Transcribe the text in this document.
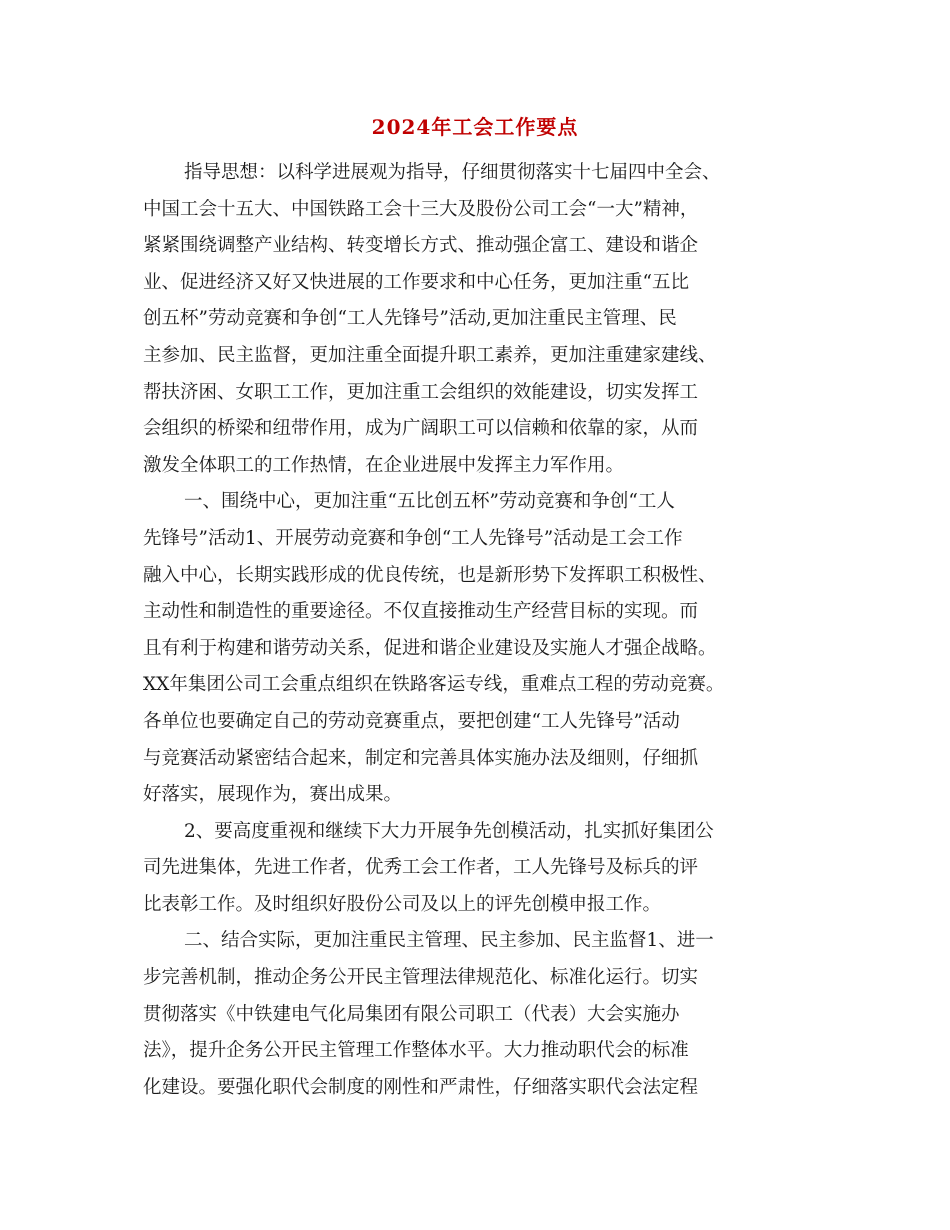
2024年工会工作要点
指导思想：以科学进展观为指导，仔细贯彻落实十七届四中全会、
中国工会十五大、中国铁路工会十三大及股份公司工会“一大”精神，
紧紧围绕调整产业结构、转变增长方式、推动强企富工、建设和谐企
业、促进经济又好又快进展的工作要求和中心任务，更加注重“五比
创五杯”劳动竞赛和争创“工人先锋号”活动,更加注重民主管理、民
主参加、民主监督，更加注重全面提升职工素养，更加注重建家建线、
帮扶济困、女职工工作，更加注重工会组织的效能建设，切实发挥工
会组织的桥梁和纽带作用，成为广阔职工可以信赖和依靠的家，从而
激发全体职工的工作热情，在企业进展中发挥主力军作用。
一、围绕中心，更加注重“五比创五杯”劳动竞赛和争创“工人
先锋号”活动1、开展劳动竞赛和争创“工人先锋号”活动是工会工作
融入中心，长期实践形成的优良传统，也是新形势下发挥职工积极性、
主动性和制造性的重要途径。不仅直接推动生产经营目标的实现。而
且有利于构建和谐劳动关系，促进和谐企业建设及实施人才强企战略。
XX年集团公司工会重点组织在铁路客运专线，重难点工程的劳动竞赛。
各单位也要确定自己的劳动竞赛重点，要把创建“工人先锋号”活动
与竞赛活动紧密结合起来，制定和完善具体实施办法及细则，仔细抓
好落实，展现作为，赛出成果。
2、要高度重视和继续下大力开展争先创模活动，扎实抓好集团公
司先进集体，先进工作者，优秀工会工作者，工人先锋号及标兵的评
比表彰工作。及时组织好股份公司及以上的评先创模申报工作。
二、结合实际，更加注重民主管理、民主参加、民主监督1、进一
步完善机制，推动企务公开民主管理法律规范化、标准化运行。切实
贯彻落实《中铁建电气化局集团有限公司职工（代表）大会实施办
法》，提升企务公开民主管理工作整体水平。大力推动职代会的标准
化建设。要强化职代会制度的刚性和严肃性，仔细落实职代会法定程
